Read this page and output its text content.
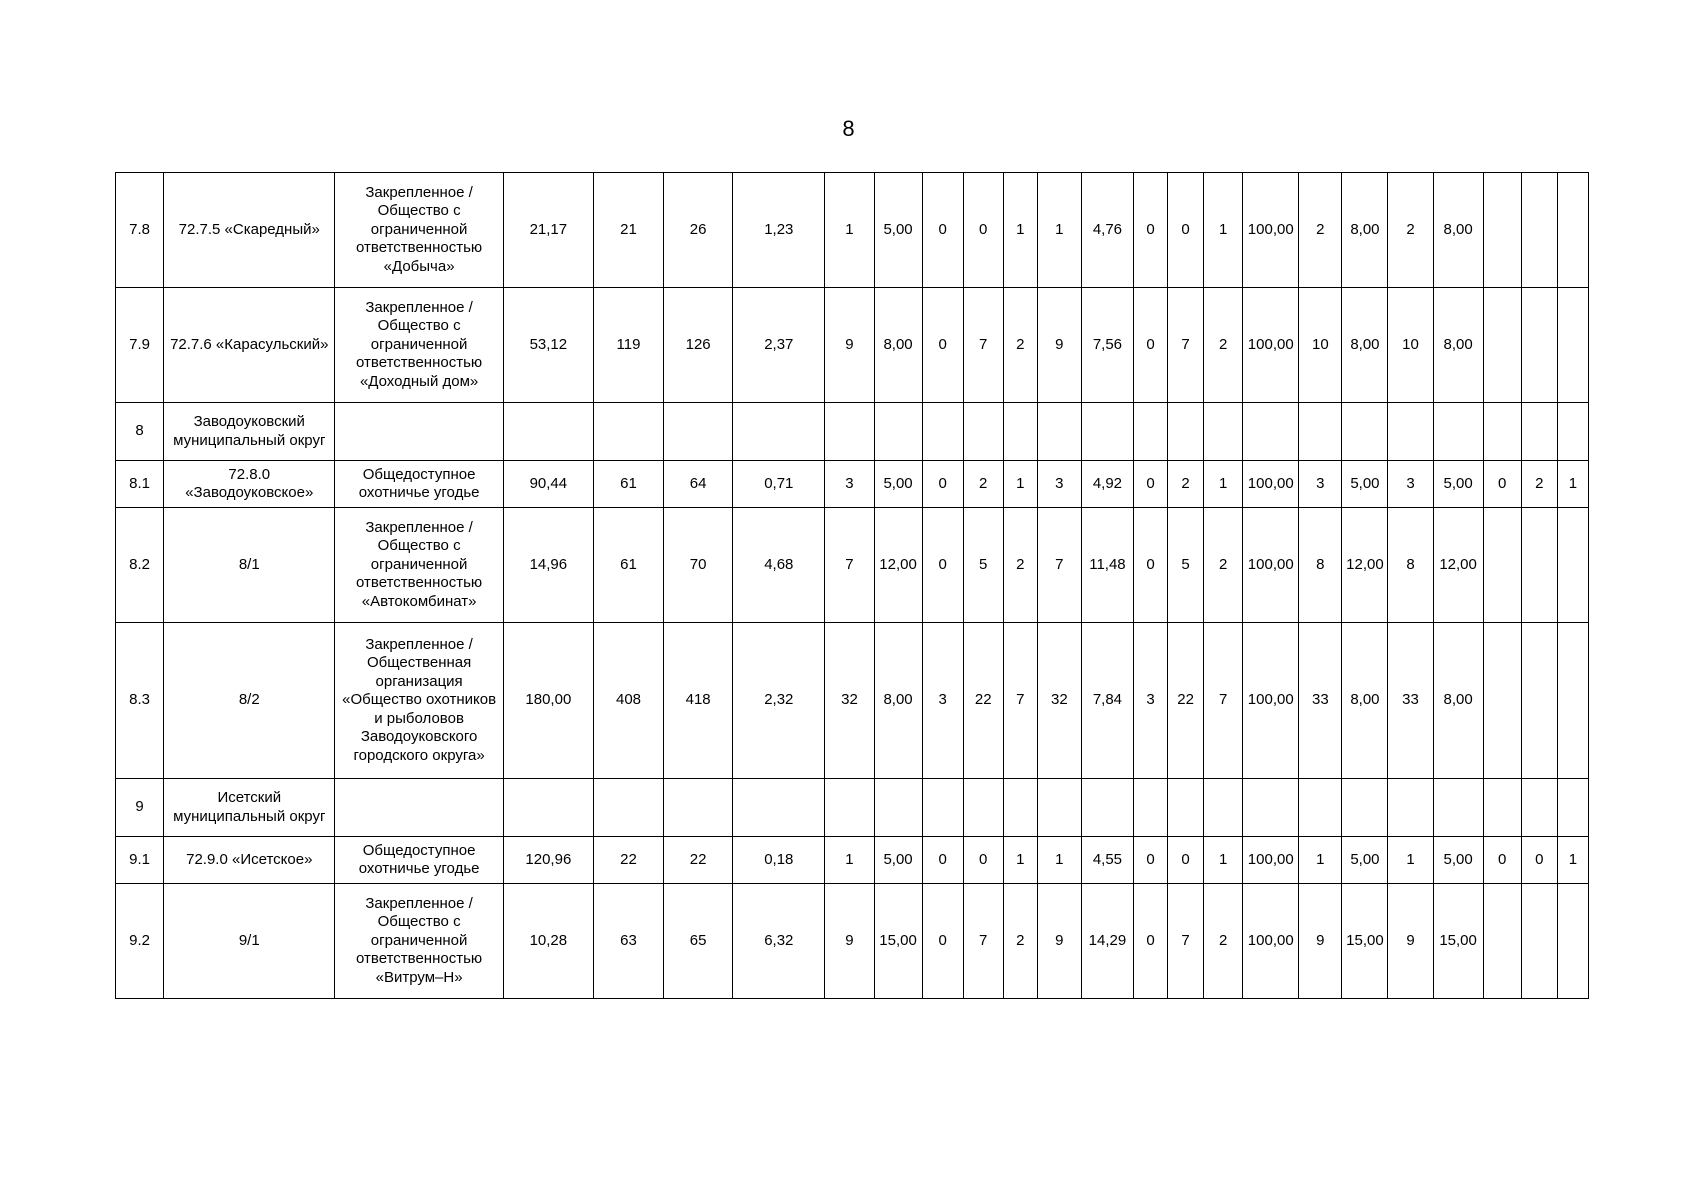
8
7.8	72.7.5 «Скаредный»	Закрепленное / Общество с ограниченной ответственностью «Добыча»	21,17	21	26	1,23	1	5,00	0	0	1	1	4,76	0	0	1	100,00	2	8,00	2	8,00			
7.9	72.7.6 «Карасульский»	Закрепленное / Общество с ограниченной ответственностью «Доходный дом»	53,12	119	126	2,37	9	8,00	0	7	2	9	7,56	0	7	2	100,00	10	8,00	10	8,00			
8	Заводоуковский муниципальный округ																							
8.1	72.8.0 «Заводоуковское»	Общедоступное охотничье угодье	90,44	61	64	0,71	3	5,00	0	2	1	3	4,92	0	2	1	100,00	3	5,00	3	5,00	0	2	1
8.2	8/1	Закрепленное / Общество с ограниченной ответственностью «Автокомбинат»	14,96	61	70	4,68	7	12,00	0	5	2	7	11,48	0	5	2	100,00	8	12,00	8	12,00			
8.3	8/2	Закрепленное / Общественная организация «Общество охотников и рыболовов Заводоуковского городского округа»	180,00	408	418	2,32	32	8,00	3	22	7	32	7,84	3	22	7	100,00	33	8,00	33	8,00			
9	Исетский муниципальный округ																							
9.1	72.9.0 «Исетское»	Общедоступное охотничье угодье	120,96	22	22	0,18	1	5,00	0	0	1	1	4,55	0	0	1	100,00	1	5,00	1	5,00	0	0	1
9.2	9/1	Закрепленное / Общество с ограниченной ответственностью «Витрум–Н»	10,28	63	65	6,32	9	15,00	0	7	2	9	14,29	0	7	2	100,00	9	15,00	9	15,00			
